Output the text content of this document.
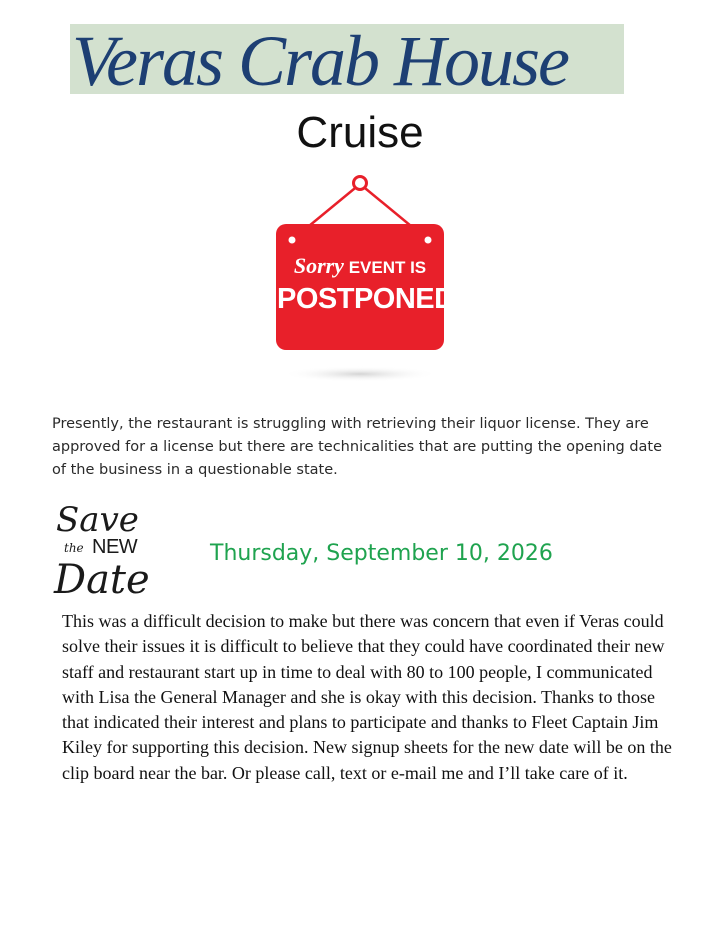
Veras Crab House
Cruise
Sorry EVENT IS
POSTPONED
Presently, the restaurant is struggling with retrieving their liquor license. They are approved for a license but there are technicalities that are putting the opening date of the business in a questionable state.
Save
the NEW
Date
Thursday, September 10, 2026
This was a difficult decision to make but there was concern that even if Veras could solve their issues it is difficult to believe that they could have coordinated their new staff and restaurant start up in time to deal with 80 to 100 people, I communicated with Lisa the General Manager and she is okay with this decision. Thanks to those that indicated their interest and plans to participate and thanks to Fleet Captain Jim Kiley for supporting this decision. New signup sheets for the new date will be on the clip board near the bar. Or please call, text or e-mail me and I’ll take care of it.
